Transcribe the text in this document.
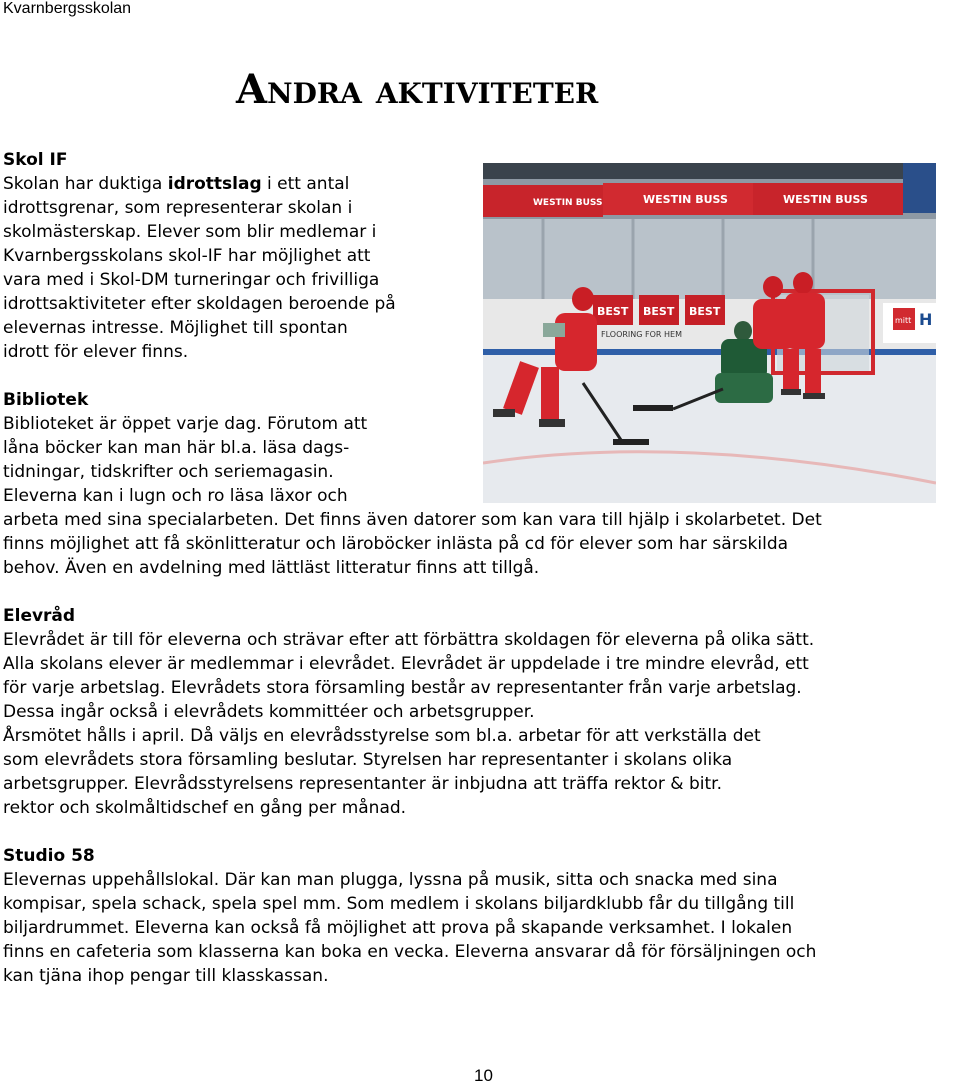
Kvarnbergsskolan
Andra aktiviteter
Skol IF
Skolan har duktiga idrottslag i ett antal
idrottsgrenar, som representerar skolan i
skolmästerskap. Elever som blir medlemar i
Kvarnbergsskolans skol-IF har möjlighet att
vara med i Skol-DM turneringar och frivilliga
idrottsaktiviteter efter skoldagen beroende på
elevernas intresse. Möjlighet till spontan
idrott för elever finns.
Bibliotek
Biblioteket är öppet varje dag. Förutom att
låna böcker kan man här bl.a. läsa dags-
tidningar, tidskrifter och seriemagasin.
Eleverna kan i lugn och ro läsa läxor och
arbeta med sina specialarbeten. Det finns även datorer som kan vara till hjälp i skolarbetet. Det
finns möjlighet att få skönlitteratur och läroböcker inlästa på cd för elever som har särskilda
behov. Även en avdelning med lättläst litteratur finns att tillgå.
Elevråd
Elevrådet är till för eleverna och strävar efter att förbättra skoldagen för eleverna på olika sätt.
Alla skolans elever är medlemmar i elevrådet. Elevrådet är uppdelade i tre mindre elevråd, ett
för varje arbetslag. Elevrådets stora församling består av representanter från varje arbetslag.
Dessa ingår också i elevrådets kommittéer och arbetsgrupper.
Årsmötet hålls i april. Då väljs en elevrådsstyrelse som bl.a. arbetar för att verkställa det
som elevrådets stora församling beslutar. Styrelsen har representanter i skolans olika
arbetsgrupper. Elevrådsstyrelsens representanter är inbjudna att träffa rektor & bitr.
rektor och skolmåltidschef en gång per månad.
Studio 58
Elevernas uppehållslokal. Där kan man plugga, lyssna på musik, sitta och snacka med sina
kompisar, spela schack, spela spel mm. Som medlem i skolans biljardklubb får du tillgång till
biljardrummet. Eleverna kan också få möjlighet att prova på skapande verksamhet. I lokalen
finns en cafeteria som klasserna kan boka en vecka. Eleverna ansvarar då för försäljningen och
kan tjäna ihop pengar till klasskassan.
WESTIN BUSS	WESTIN BUSS	WESTIN BUSS
BEST BEST BEST
FLOORING FOR HEM
mitt H
10
